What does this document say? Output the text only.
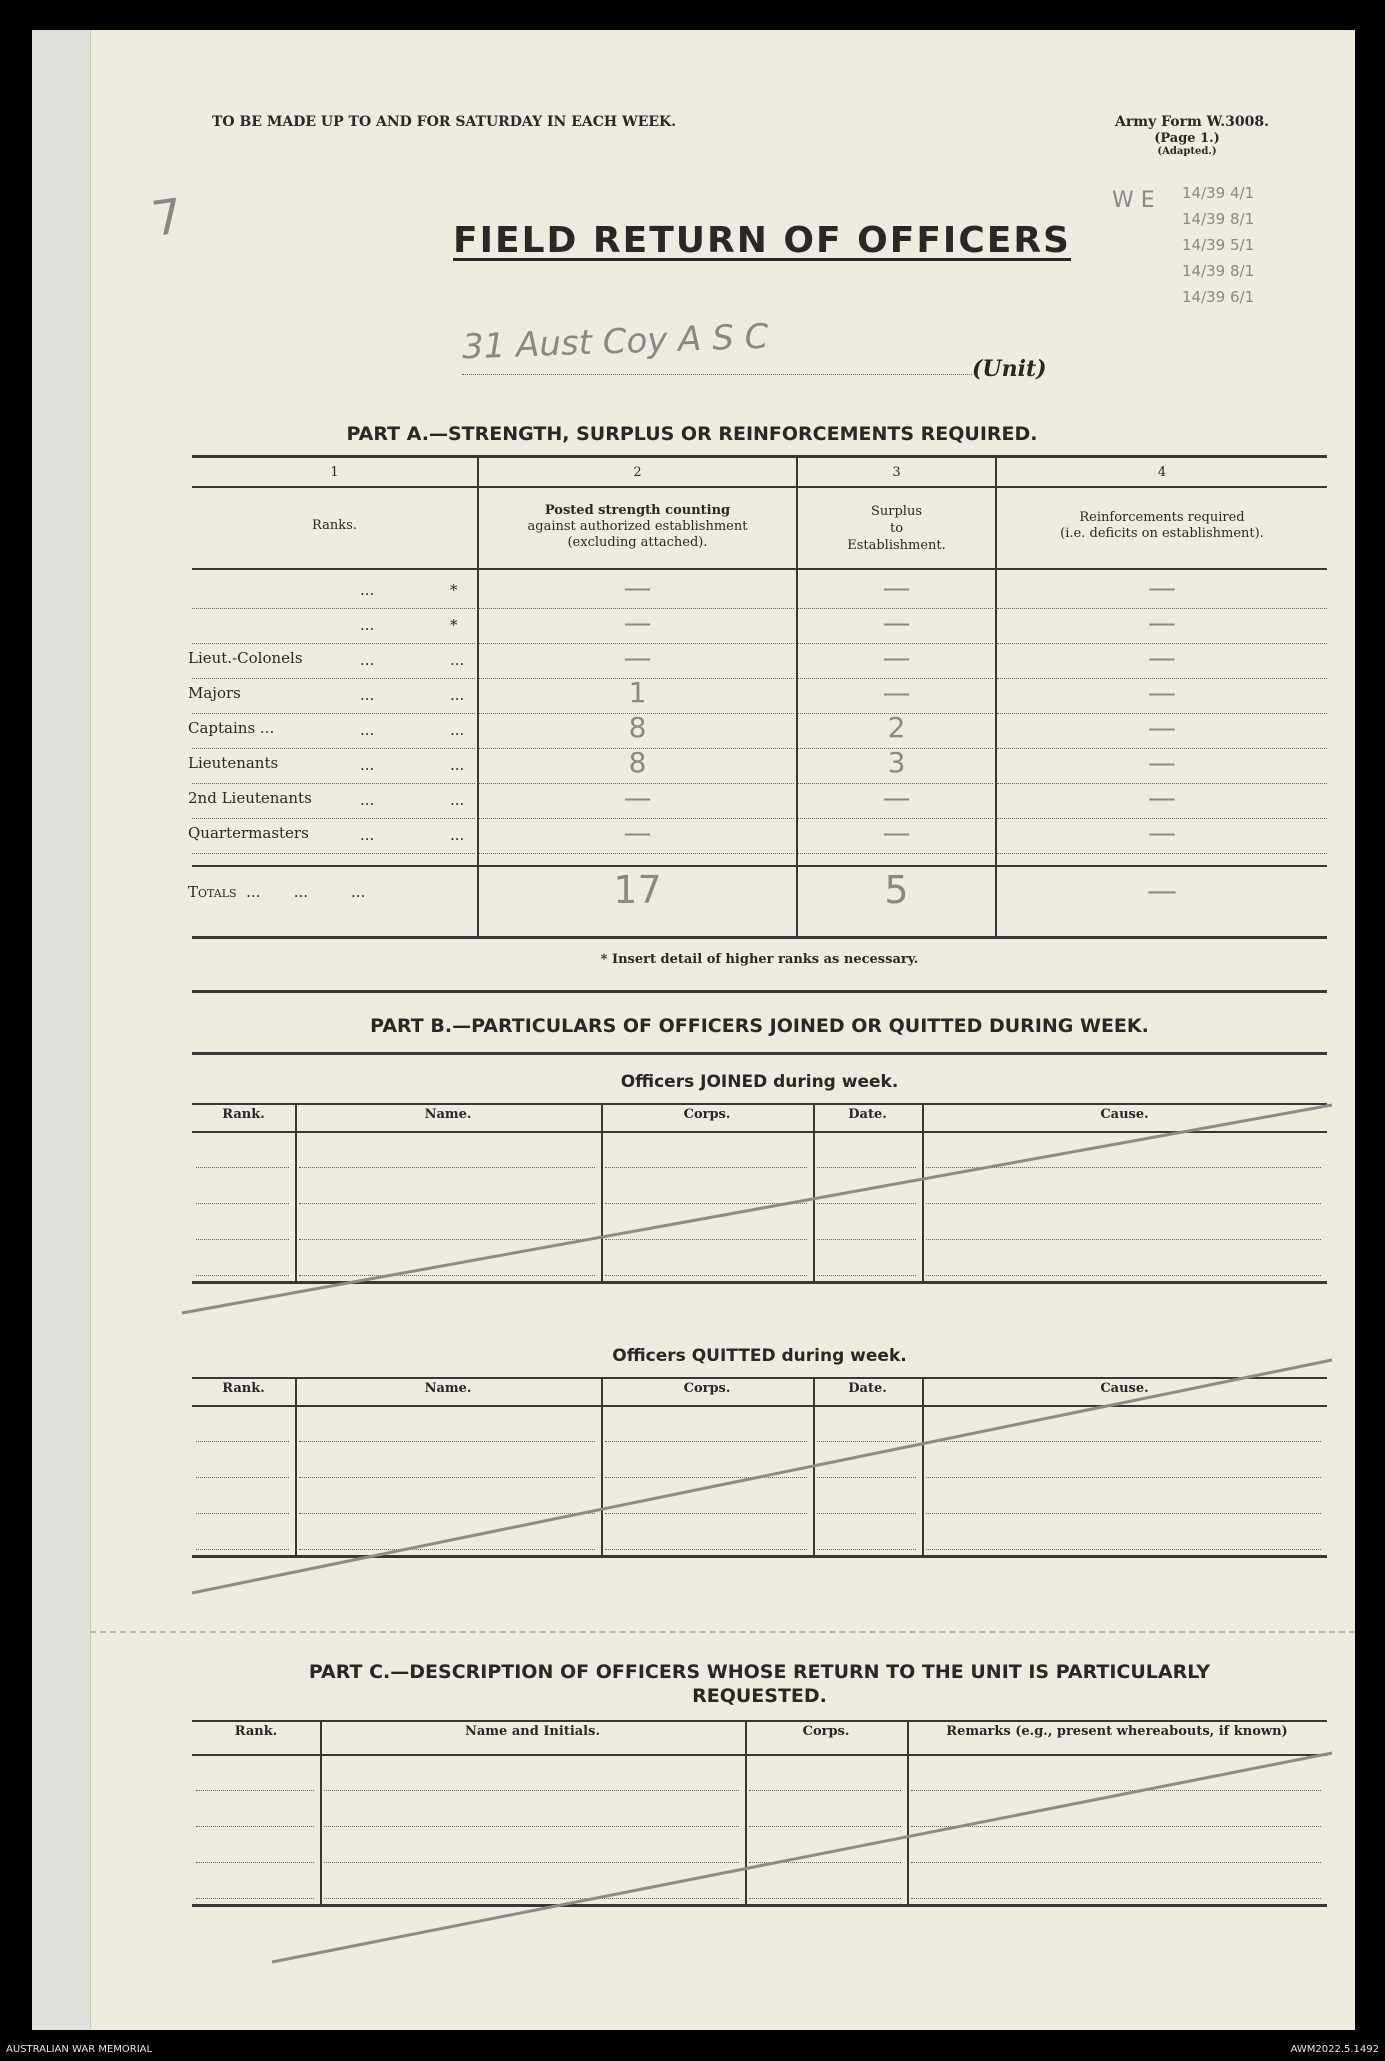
TO BE MADE UP TO AND FOR SATURDAY IN EACH WEEK.	Army Form W.3008.
(Page 1.)
(Adapted.)
7	W E 14/39 4/1
14/39 8/1
14/39 5/1
14/39 8/1
14/39 6/1
FIELD RETURN OF OFFICERS
31 Aust Coy A S C
(Unit)
PART A.—STRENGTH, SURPLUS OR REINFORCEMENTS REQUIRED.
1	2	3	4
Ranks.
Posted strength counting
against authorized establishment
(excluding attached).
Surplus
to
Establishment.
Reinforcements required
(i.e. deficits on establishment).
...	*	—	—	—
...	*	—	—	—
Lieut.-Colonels	...	...	—	—	—
Majors	...	...	1	—	—
Captains ...	...	...	8	2	—
Lieutenants	...	...	8	3	—
2nd Lieutenants	...	...	—	—	—
Quartermasters	...	...	—	—	—
Totals  ...       ...         ...	17	5	—
* Insert detail of higher ranks as necessary.
PART B.—PARTICULARS OF OFFICERS JOINED OR QUITTED DURING WEEK.
Officers JOINED during week.
Rank.	Name.	Corps.	Date.	Cause.
Officers QUITTED during week.
Rank.	Name.	Corps.	Date.	Cause.
PART C.—DESCRIPTION OF OFFICERS WHOSE RETURN TO THE UNIT IS PARTICULARLY
REQUESTED.
Rank.	Name and Initials.	Corps.	Remarks (e.g., present whereabouts, if known)
AUSTRALIAN WAR MEMORIAL	AWM2022.5.1492
